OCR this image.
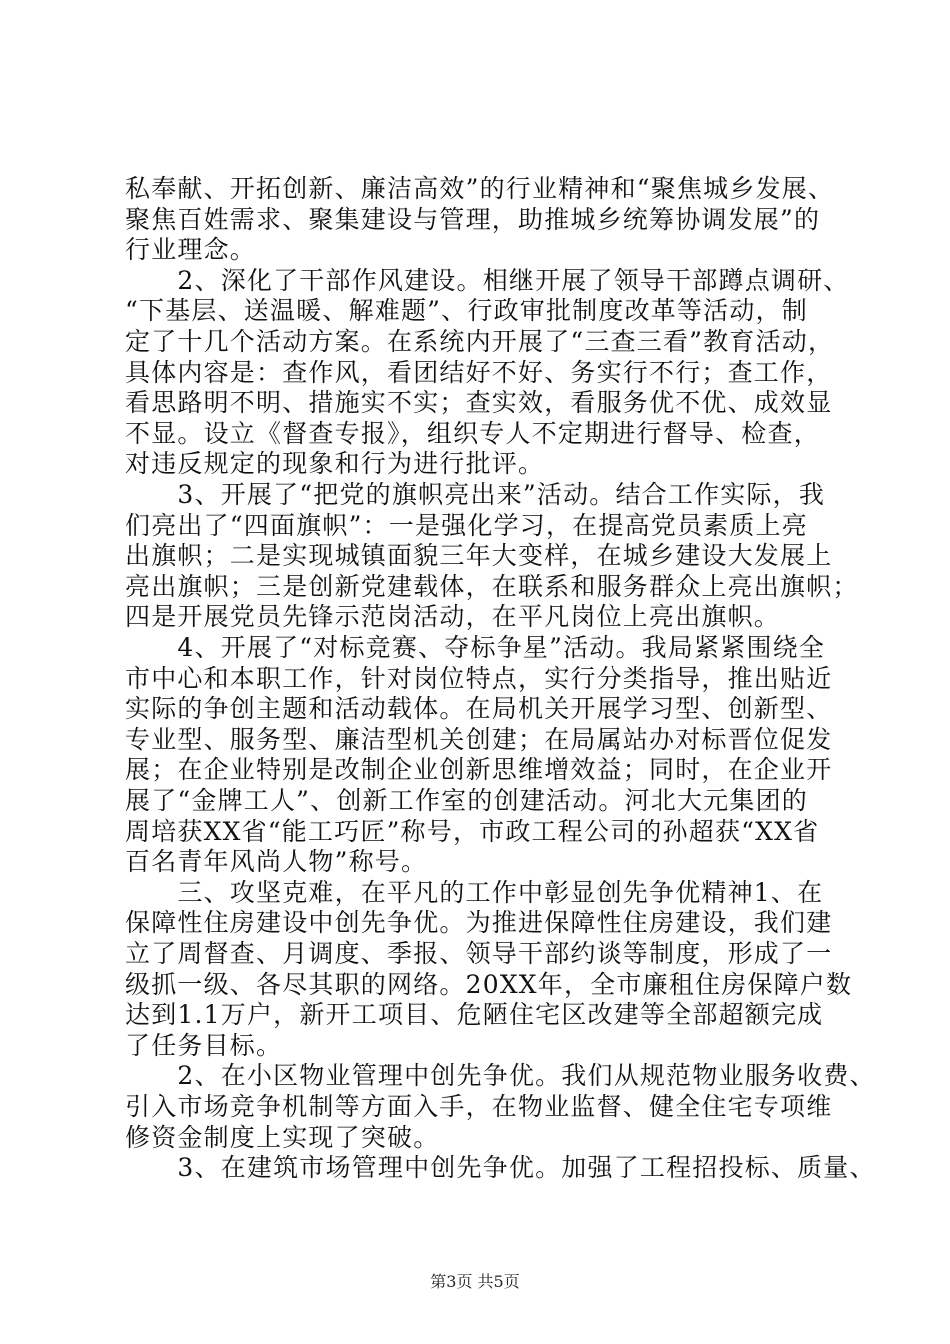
私奉献、开拓创新、廉洁高效”的行业精神和“聚焦城乡发展、
聚焦百姓需求、聚集建设与管理，助推城乡统筹协调发展”的
行业理念。
　　2、深化了干部作风建设。相继开展了领导干部蹲点调研、
“下基层、送温暖、解难题”、行政审批制度改革等活动，制
定了十几个活动方案。在系统内开展了“三查三看”教育活动，
具体内容是：查作风，看团结好不好、务实行不行；查工作，
看思路明不明、措施实不实；查实效，看服务优不优、成效显
不显。设立《督查专报》，组织专人不定期进行督导、检查，
对违反规定的现象和行为进行批评。
　　3、开展了“把党的旗帜亮出来”活动。结合工作实际，我
们亮出了“四面旗帜”：一是强化学习，在提高党员素质上亮
出旗帜；二是实现城镇面貌三年大变样，在城乡建设大发展上
亮出旗帜；三是创新党建载体，在联系和服务群众上亮出旗帜；
四是开展党员先锋示范岗活动，在平凡岗位上亮出旗帜。
　　4、开展了“对标竞赛、夺标争星”活动。我局紧紧围绕全
市中心和本职工作，针对岗位特点，实行分类指导，推出贴近
实际的争创主题和活动载体。在局机关开展学习型、创新型、
专业型、服务型、廉洁型机关创建；在局属站办对标晋位促发
展；在企业特别是改制企业创新思维增效益；同时，在企业开
展了“金牌工人”、创新工作室的创建活动。河北大元集团的
周培获XX省“能工巧匠”称号，市政工程公司的孙超获“XX省
百名青年风尚人物”称号。
　　三、攻坚克难，在平凡的工作中彰显创先争优精神1、在
保障性住房建设中创先争优。为推进保障性住房建设，我们建
立了周督查、月调度、季报、领导干部约谈等制度，形成了一
级抓一级、各尽其职的网络。20XX年，全市廉租住房保障户数
达到1.1万户，新开工项目、危陋住宅区改建等全部超额完成
了任务目标。
　　2、在小区物业管理中创先争优。我们从规范物业服务收费、
引入市场竞争机制等方面入手，在物业监督、健全住宅专项维
修资金制度上实现了突破。
　　3、在建筑市场管理中创先争优。加强了工程招投标、质量、
第3页 共5页
